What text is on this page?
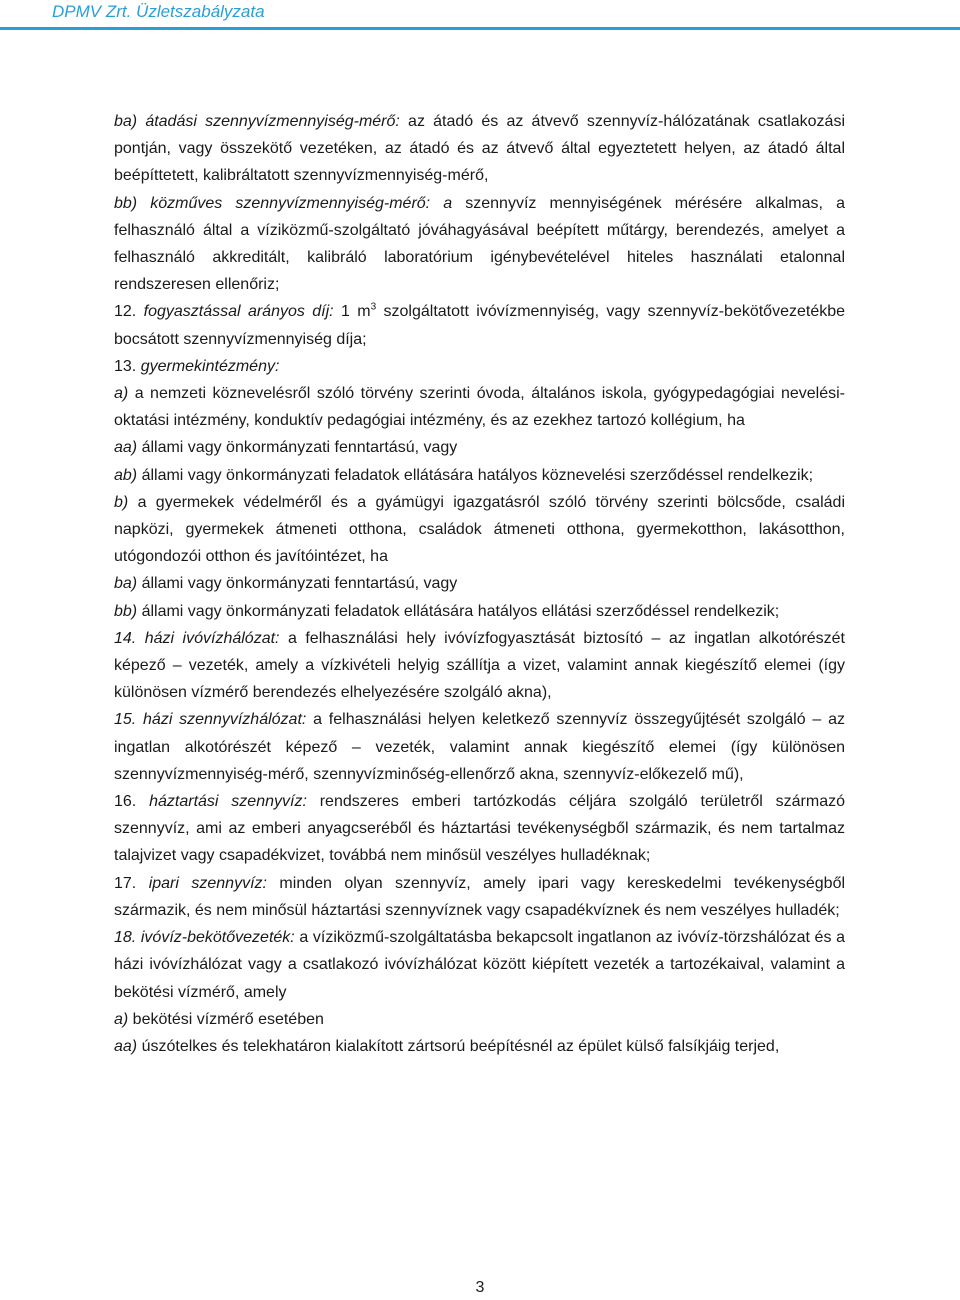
DPMV Zrt. Üzletszabályzata

ba) átadási szennyvízmennyiség-mérő: az átadó és az átvevő szennyvíz-hálózatának csatlakozási pontján, vagy összekötő vezetéken, az átadó és az átvevő által egyeztetett helyen, az átadó által beépíttetett, kalibráltatott szennyvízmennyiség-mérő,

bb) közműves szennyvízmennyiség-mérő: a szennyvíz mennyiségének mérésére alkalmas, a felhasználó által a víziközmű-szolgáltató jóváhagyásával beépített műtárgy, berendezés, amelyet a felhasználó akkreditált, kalibráló laboratórium igénybevételével hiteles használati etalonnal rendszeresen ellenőriz;

12. fogyasztással arányos díj: 1 $m^3$ szolgáltatott ivóvízmennyiség, vagy szennyvíz-bekötővezetékbe bocsátott szennyvízmennyiség díja;

13. gyermekintézmény:

a) a nemzeti köznevelésről szóló törvény szerinti óvoda, általános iskola, gyógypedagógiai nevelési-oktatási intézmény, konduktív pedagógiai intézmény, és az ezekhez tartozó kollégium, ha

aa) állami vagy önkormányzati fenntartású, vagy

ab) állami vagy önkormányzati feladatok ellátására hatályos köznevelési szerződéssel rendelkezik;

b) a gyermekek védelméről és a gyámügyi igazgatásról szóló törvény szerinti bölcsőde, családi napközi, gyermekek átmeneti otthona, családok átmeneti otthona, gyermekotthon, lakásotthon, utógondozói otthon és javítóintézet, ha

ba) állami vagy önkormányzati fenntartású, vagy

bb) állami vagy önkormányzati feladatok ellátására hatályos ellátási szerződéssel rendelkezik;

14. házi ivóvízhálózat: a felhasználási hely ivóvízfogyasztását biztosító – az ingatlan alkotórészét képező – vezeték, amely a vízkivételi helyig szállítja a vizet, valamint annak kiegészítő elemei (így különösen vízmérő berendezés elhelyezésére szolgáló akna),

15. házi szennyvízhálózat: a felhasználási helyen keletkező szennyvíz összegyűjtését szolgáló – az ingatlan alkotórészét képező – vezeték, valamint annak kiegészítő elemei (így különösen szennyvízmennyiség-mérő, szennyvízminőség-ellenőrző akna, szennyvíz-előkezelő mű),

16. háztartási szennyvíz: rendszeres emberi tartózkodás céljára szolgáló területről származó szennyvíz, ami az emberi anyagcseréből és háztartási tevékenységből származik, és nem tartalmaz talajvizet vagy csapadékvizet, továbbá nem minősül veszélyes hulladéknak;

17. ipari szennyvíz: minden olyan szennyvíz, amely ipari vagy kereskedelmi tevékenységből származik, és nem minősül háztartási szennyvíznek vagy csapadékvíznek és nem veszélyes hulladék;

18. ivóvíz-bekötővezeték: a víziközmű-szolgáltatásba bekapcsolt ingatlanon az ivóvíz-törzshálózat és a házi ivóvízhálózat vagy a csatlakozó ivóvízhálózat között kiépített vezeték a tartozékaival, valamint a bekötési vízmérő, amely

a) bekötési vízmérő esetében

aa) úszótelkes és telekhatáron kialakított zártsorú beépítésnél az épület külső falsíkjáig terjed,

3
